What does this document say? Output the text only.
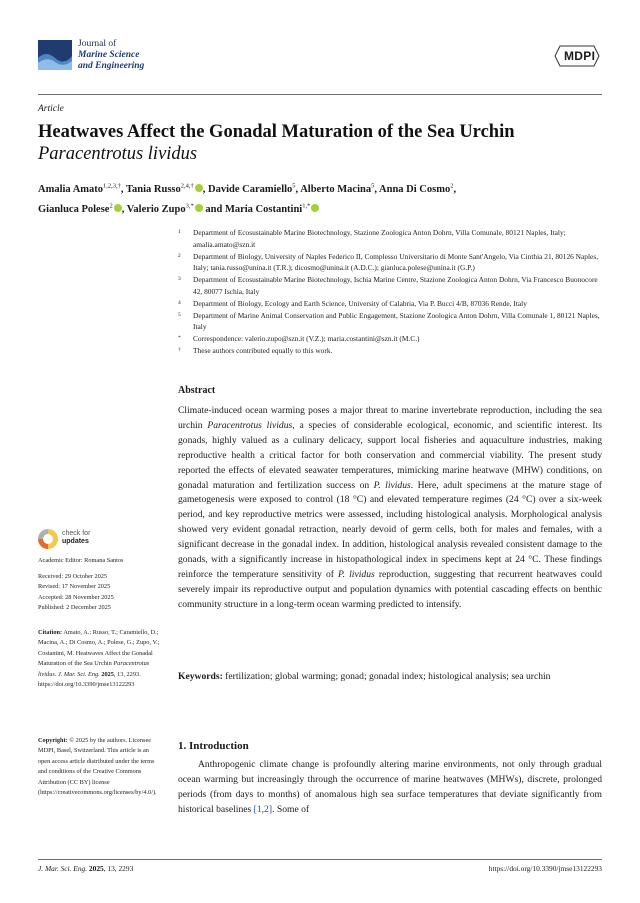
Journal of
Marine Science
and Engineering
MDPI
Article
Heatwaves Affect the Gonadal Maturation of the Sea Urchin
Paracentrotus lividus
Amalia Amato$^{1,2,3,\dagger}$, Tania Russo$^{2,4,\dagger}$ iD , Davide Caramiello$^5$, Alberto Macina$^5$, Anna Di Cosmo$^2$,
Gianluca Polese$^2$ iD , Valerio Zupo$^{3,*}$iD and Maria Costantini$^{1,*}$iD
1 Department of Ecosustainable Marine Biotechnology, Stazione Zoologica Anton Dohrn, Villa Comunale, 80121 Naples, Italy; amalia.amato@szn.it
2 Department of Biology, University of Naples Federico II, Complesso Universitario di Monte Sant'Angelo, Via Cinthia 21, 80126 Naples, Italy; tania.russo@unina.it (T.R.); dicosmo@unina.it (A.D.C.); gianluca.polese@unina.it (G.P.)
3 Department of Ecosustainable Marine Biotechnology, Ischia Marine Centre, Stazione Zoologica Anton Dohrn, Via Francesco Buonocore 42, 80077 Ischia, Italy
4 Department of Biology, Ecology and Earth Science, University of Calabria, Via P. Bucci 4/B, 87036 Rende, Italy
5 Department of Marine Animal Conservation and Public Engagement, Stazione Zoologica Anton Dohrn, Villa Comunale 1, 80121 Naples, Italy
* Correspondence: valerio.zupo@szn.it (V.Z.); maria.costantini@szn.it (M.C.)
† These authors contributed equally to this work.
Abstract
Climate-induced ocean warming poses a major threat to marine invertebrate reproduction, including the sea urchin Paracentrotus lividus, a species of considerable ecological, economic, and scientific interest. Its gonads, highly valued as a culinary delicacy, support local fisheries and aquaculture industries, making reproductive health a critical factor for both conservation and commercial viability. The present study reported the effects of elevated seawater temperatures, mimicking marine heatwave (MHW) conditions, on gonadal maturation and fertilization success on P. lividus. Here, adult specimens at the mature stage of gametogenesis were exposed to control (18 °C) and elevated temperature regimes (24 °C) over a six-week period, and key reproductive metrics were assessed, including histological analysis. Morphological analysis showed very evident gonadal retraction, nearly devoid of germ cells, both for males and females, with a significant decrease in the gonadal index. In addition, histological analysis revealed consistent damage to the gonads, with a significantly increase in histopathological index in specimens kept at 24 °C. These findings reinforce the temperature sensitivity of P. lividus reproduction, suggesting that recurrent heatwaves could severely impair its reproductive output and population dynamics with potential cascading effects on benthic community structure in a long-term ocean warming predicted to intensify.
Keywords: fertilization; global warming; gonad; gonadal index; histological analysis; sea urchin
1. Introduction
Anthropogenic climate change is profoundly altering marine environments, not only through gradual ocean warming but increasingly through the occurrence of marine heatwaves (MHWs), discrete, prolonged periods (from days to months) of anomalous high sea surface temperatures that deviate significantly from historical baselines [1,2]. Some of
check for
updates
Academic Editor: Romana Santos
Received: 29 October 2025
Revised: 17 November 2025
Accepted: 28 November 2025
Published: 2 December 2025
Citation: Amato, A.; Russo, T.; Caramiello, D.; Macina, A.; Di Cosmo, A.; Polese, G.; Zupo, V.; Costantini, M. Heatwaves Affect the Gonadal Maturation of the Sea Urchin Paracentrotus lividus. J. Mar. Sci. Eng. 2025, 13, 2293. https://doi.org/10.3390/jmse13122293
Copyright: © 2025 by the authors. Licensee MDPI, Basel, Switzerland. This article is an open access article distributed under the terms and conditions of the Creative Commons Attribution (CC BY) license (https://creativecommons.org/licenses/by/4.0/).
J. Mar. Sci. Eng. 2025, 13, 2293	https://doi.org/10.3390/jmse13122293
